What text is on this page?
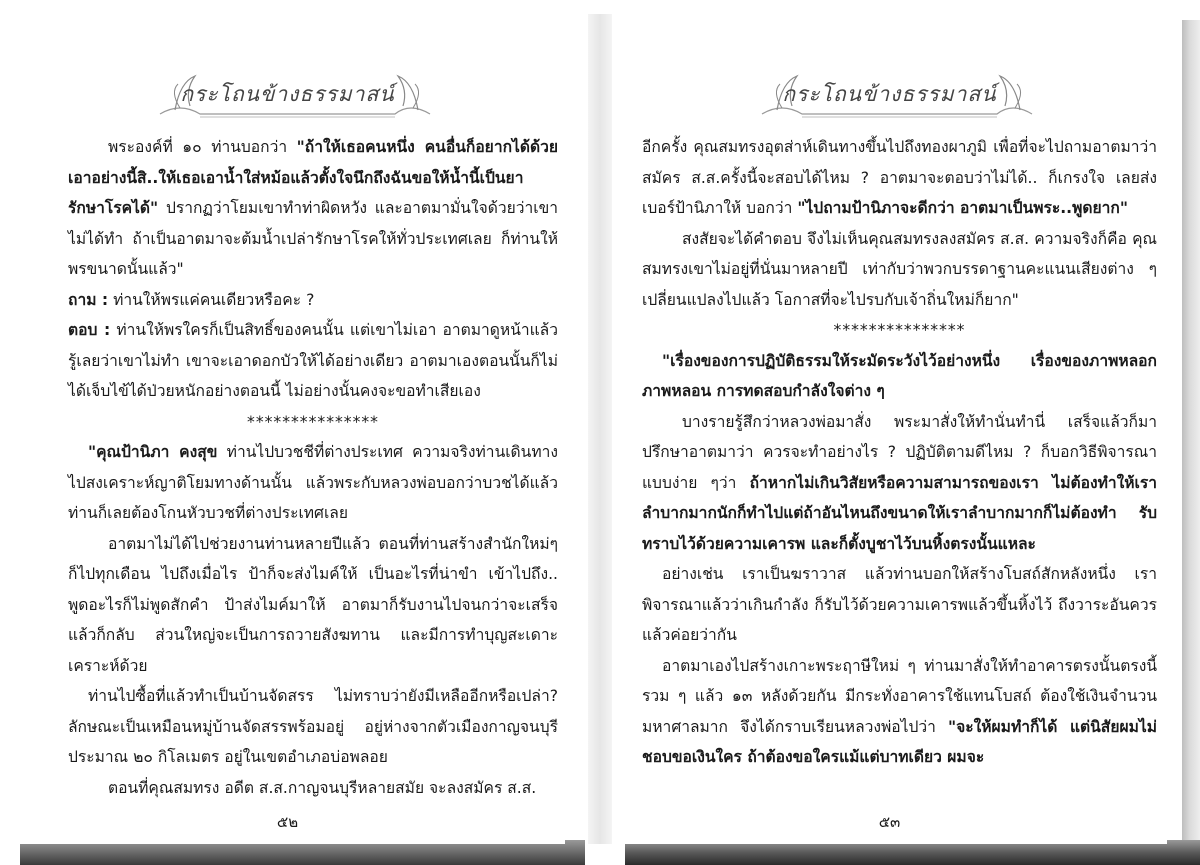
กระโถนข้างธรรมาสน์

พระองค์ที่ ๑๐ ท่านบอกว่า "ถ้าให้เธอคนหนึ่ง คนอื่นก็อยากได้ด้วย เอาอย่างนี้สิ..ให้เธอเอาน้ำใส่หม้อแล้วตั้งใจนึกถึงฉันขอให้น้ำนี้เป็นยารักษาโรคได้" ปรากฏว่าโยมเขาทำท่าผิดหวัง และอาตมามั่นใจด้วยว่าเขาไม่ได้ทำ ถ้าเป็นอาตมาจะต้มน้ำเปล่ารักษาโรคให้ทั่วประเทศเลย ก็ท่านให้พรขนาดนั้นแล้ว"

ถาม : ท่านให้พรแค่คนเดียวหรือคะ ?

ตอบ : ท่านให้พรใครก็เป็นสิทธิ์ของคนนั้น แต่เขาไม่เอา อาตมาดูหน้าแล้วรู้เลยว่าเขาไม่ทำ เขาจะเอาดอกบัวให้ได้อย่างเดียว อาตมาเองตอนนั้นก็ไม่ได้เจ็บไข้ได้ป่วยหนักอย่างตอนนี้ ไม่อย่างนั้นคงจะขอทำเสียเอง

***************

"คุณป้านิภา คงสุข ท่านไปบวชชีที่ต่างประเทศ ความจริงท่านเดินทางไปสงเคราะห์ญาติโยมทางด้านนั้น แล้วพระกับหลวงพ่อบอกว่าบวชได้แล้ว ท่านก็เลยต้องโกนหัวบวชที่ต่างประเทศเลย

อาตมาไม่ได้ไปช่วยงานท่านหลายปีแล้ว ตอนที่ท่านสร้างสำนักใหม่ๆ ก็ไปทุกเดือน ไปถึงเมื่อไร ป้าก็จะส่งไมค์ให้ เป็นอะไรที่น่าขำ เข้าไปถึง.. พูดอะไรก็ไม่พูดสักคำ ป้าส่งไมค์มาให้ อาตมาก็รับงานไปจนกว่าจะเสร็จแล้วก็กลับ ส่วนใหญ่จะเป็นการถวายสังฆทาน และมีการทำบุญสะเดาะเคราะห์ด้วย

ท่านไปซื้อที่แล้วทำเป็นบ้านจัดสรร ไม่ทราบว่ายังมีเหลืออีกหรือเปล่า? ลักษณะเป็นเหมือนหมู่บ้านจัดสรรพร้อมอยู่ อยู่ห่างจากตัวเมืองกาญจนบุรีประมาณ ๒๐ กิโลเมตร อยู่ในเขตอำเภอบ่อพลอย

ตอนที่คุณสมทรง อดีต ส.ส.กาญจนบุรีหลายสมัย จะลงสมัคร ส.ส.

๕๒
กระโถนข้างธรรมาสน์

อีกครั้ง คุณสมทรงอุตส่าห์เดินทางขึ้นไปถึงทองผาภูมิ เพื่อที่จะไปถามอาตมาว่า สมัคร ส.ส.ครั้งนี้จะสอบได้ไหม ? อาตมาจะตอบว่าไม่ได้.. ก็เกรงใจ เลยส่งเบอร์ป้านิภาให้ บอกว่า "ไปถามป้านิภาจะดีกว่า อาตมาเป็นพระ..พูดยาก"

สงสัยจะได้คำตอบ จึงไม่เห็นคุณสมทรงลงสมัคร ส.ส. ความจริงก็คือ คุณสมทรงเขาไม่อยู่ที่นั่นมาหลายปี เท่ากับว่าพวกบรรดาฐานคะแนนเสียงต่าง ๆ เปลี่ยนแปลงไปแล้ว โอกาสที่จะไปรบกับเจ้าถิ่นใหม่ก็ยาก"

***************

"เรื่องของการปฏิบัติธรรมให้ระมัดระวังไว้อย่างหนึ่ง เรื่องของภาพหลอกภาพหลอน การทดสอบกำลังใจต่าง ๆ

บางรายรู้สึกว่าหลวงพ่อมาสั่ง พระมาสั่งให้ทำนั่นทำนี่ เสร็จแล้วก็มาปรึกษาอาตมาว่า ควรจะทำอย่างไร ? ปฏิบัติตามดีไหม ? ก็บอกวิธีพิจารณาแบบง่าย ๆว่า ถ้าหากไม่เกินวิสัยหรือความสามารถของเรา ไม่ต้องทำให้เราลำบากมากนักก็ทำไปแต่ถ้าอันไหนถึงขนาดให้เราลำบากมากก็ไม่ต้องทำ รับทราบไว้ด้วยความเคารพ และก็ตั้งบูชาไว้บนหิ้งตรงนั้นแหละ

อย่างเช่น เราเป็นฆราวาส แล้วท่านบอกให้สร้างโบสถ์สักหลังหนึ่ง เราพิจารณาแล้วว่าเกินกำลัง ก็รับไว้ด้วยความเคารพแล้วขึ้นหิ้งไว้ ถึงวาระอันควรแล้วค่อยว่ากัน

อาตมาเองไปสร้างเกาะพระฤาษีใหม่ ๆ ท่านมาสั่งให้ทำอาคารตรงนั้นตรงนี้ รวม ๆ แล้ว ๑๓ หลังด้วยกัน มีกระทั่งอาคารใช้แทนโบสถ์ ต้องใช้เงินจำนวนมหาศาลมาก จึงได้กราบเรียนหลวงพ่อไปว่า "จะให้ผมทำก็ได้ แต่นิสัยผมไม่ชอบขอเงินใคร ถ้าต้องขอใครแม้แต่บาทเดียว ผมจะ

๕๓
